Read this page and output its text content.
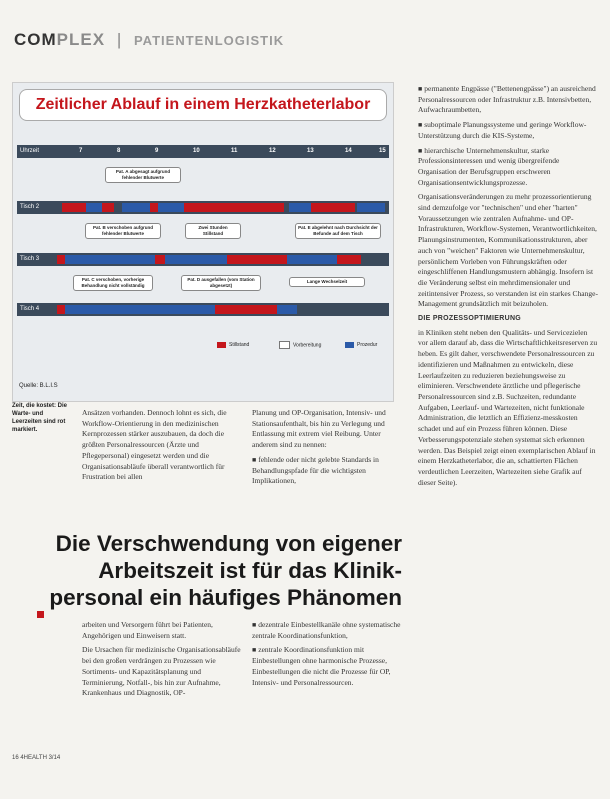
COMPLEX | PATIENTENLOGISTIK
Zeitlicher Ablauf in einem Herzkatheterlabor
Uhrzeit	7	8	9	10	11	12	13	14	15
Pat. A abgesagt aufgrund fehlender Blutwerte
Tisch 2
Pat. B verschoben aufgrund fehlender Blutwerte
Zwei Stunden Stillstand
Pat. E abgelehnt nach Durchsicht der Befunde auf dem Tisch
Tisch 3
Pat. C verschoben, vorherige Behandlung nicht vollständig
Pat. D ausgefallen (vom Station abgesetzt)
Lange Wechselzeit
Tisch 4
Stillstand	Vorbereitung	Prozedur
Quelle: B.L.I.S
Zeit, die kostet: Die Warte- und Leerzeiten sind rot markiert.

Ansätzen vorhanden. Dennoch lohnt es sich, die Workflow-Orientierung in den medizinischen Kernprozessen stärker auszubauen, da doch die größten Personalressourcen (Ärzte und Pflegepersonal) eingesetzt werden und die Organisationsabläufe überall verantwortlich für Frustration bei allen

Planung und OP-Organisation, Intensiv- und Stationsaufenthalt, bis hin zu Verlegung und Entlassung mit extrem viel Reibung. Unter anderem sind zu nennen:

■ fehlende oder nicht gelebte Standards in Behandlungspfade für die wichtigsten Implikationen,

Die Verschwendung von eigener
Arbeitszeit ist für das Klinik-
personal ein häufiges Phänomen

arbeiten und Versorgern führt bei Patienten, Angehörigen und Einweisern statt.

Die Ursachen für medizinische Organisationsabläufe bei den großen verdrängen zu Prozessen wie Sortiments- und Kapazitätsplanung und Terminierung, Notfall-, bis hin zur Aufnahme, Krankenhaus und Diagnostik, OP-

■ dezentrale Einbestellkanäle ohne systematische zentrale Koordinationsfunktion,

■ zentrale Koordinationsfunktion mit Einbestellungen ohne harmonische Prozesse, Einbestellungen die nicht die Prozesse für OP, Intensiv- und Personalressourcen.

■ permanente Engpässe ("Bettenengpässe") an ausreichend Personalressourcen oder Infrastruktur z.B. Intensivbetten, Aufwachraumbetten,

■ suboptimale Planungssysteme und geringe Workflow-Unterstützung durch die KIS-Systeme,

■ hierarchische Unternehmenskultur, starke Professionsinteressen und wenig übergreifende Organisation der Berufsgruppen erschweren Organisationsentwicklungsprozesse.

Organisationsveränderungen zu mehr prozessorientierung sind demzufolge vor "technischen" und eher "harten" Voraussetzungen wie zentralen Aufnahme- und OP-Infrastrukturen, Workflow-Systemen, Verantwortlichkeiten, Planungsinstrumenten, Kommunikationsstrukturen, aber auch von "weichen" Faktoren wie Unternehmenskultur, persönlichem Vorleben von Führungskräften oder eingeschliffenen Handlungsmustern abhängig. Insofern ist die Veränderung selbst ein mehrdimensionaler und zeitintensiver Prozess, so verstanden ist ein starkes Change-Management grundsätzlich mit beizuholen.

DIE PROZESSOPTIMIERUNG

in Kliniken steht neben den Qualitäts- und Servicezielen vor allem darauf ab, dass die Wirtschaftlichkeitsreserven zu heben. Es gilt daher, verschwendete Personalressourcen zu identifizieren und Maßnahmen zu entwickeln, diese Leerlaufzeiten zu reduzieren beziehungsweise zu eliminieren. Verschwendete ärztliche und pflegerische Personalressourcen sind z.B. Suchzeiten, redundante Aufgaben, Leerlauf- und Wartezeiten, nicht funktionale Administration, die letztlich an Effizienz-messkosten schadet und auf ein Prozess führen können. Diese Verbesserungspotenziale stehen systemat sich erkennen werden. Das Beispiel zeigt einen exemplarischen Ablauf in einem Herzkatheterlabor, die an, schattierten Flächen verdeutlichen Leerzeiten, Wartezeiten siehe Grafik auf dieser Seite).

16 4HEALTH 3/14
